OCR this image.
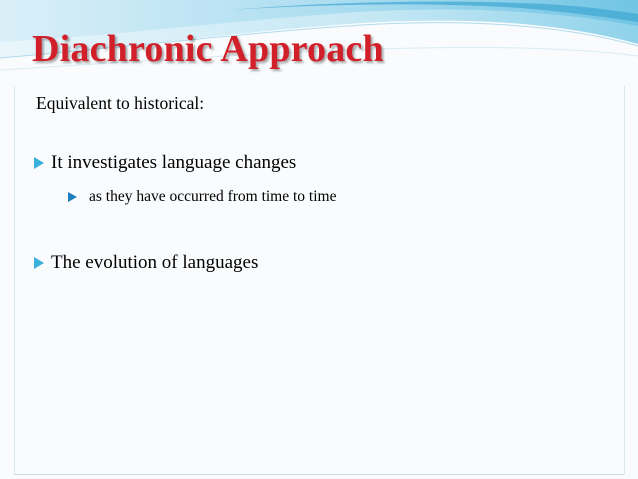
Diachronic Approach
Equivalent to historical:
It investigates language changes
as they have occurred from time to time
The evolution of languages
